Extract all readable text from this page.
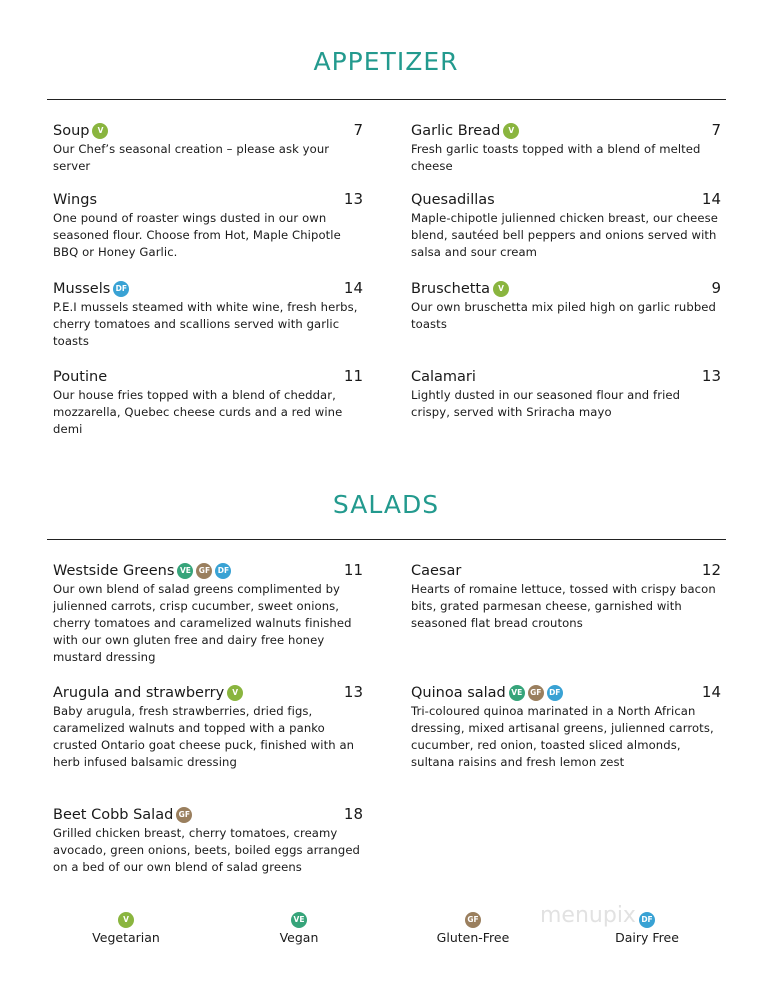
APPETIZER
Soup V	7
Our Chef’s seasonal creation – please ask your server
Garlic Bread V	7
Fresh garlic toasts topped with a blend of melted cheese
Wings	13
One pound of roaster wings dusted in our own seasoned flour. Choose from Hot, Maple Chipotle BBQ or Honey Garlic.
Quesadillas	14
Maple-chipotle julienned chicken breast, our cheese blend, sautéed bell peppers and onions served with salsa and sour cream
Mussels DF	14
P.E.I mussels steamed with white wine, fresh herbs, cherry tomatoes and scallions served with garlic toasts
Bruschetta V	9
Our own bruschetta mix piled high on garlic rubbed toasts
Poutine	11
Our house fries topped with a blend of cheddar, mozzarella, Quebec cheese curds and a red wine demi
Calamari	13
Lightly dusted in our seasoned flour and fried crispy, served with Sriracha mayo
SALADS
Westside Greens VE GF DF	11
Our own blend of salad greens complimented by julienned carrots, crisp cucumber, sweet onions, cherry tomatoes and caramelized walnuts finished with our own gluten free and dairy free honey mustard dressing
Caesar	12
Hearts of romaine lettuce, tossed with crispy bacon bits, grated parmesan cheese, garnished with seasoned flat bread croutons
Arugula and strawberry V	13
Baby arugula, fresh strawberries, dried figs, caramelized walnuts and topped with a panko crusted Ontario goat cheese puck, finished with an herb infused balsamic dressing
Quinoa salad VE GF DF	14
Tri-coloured quinoa marinated in a North African dressing, mixed artisanal greens, julienned carrots, cucumber, red onion, toasted sliced almonds, sultana raisins and fresh lemon zest
Beet Cobb Salad GF	18
Grilled chicken breast, cherry tomatoes, creamy avocado, green onions, beets, boiled eggs arranged on a bed of our own blend of salad greens
V
Vegetarian
VE
Vegan
GF
Gluten-Free
DF
Dairy Free
menupix
